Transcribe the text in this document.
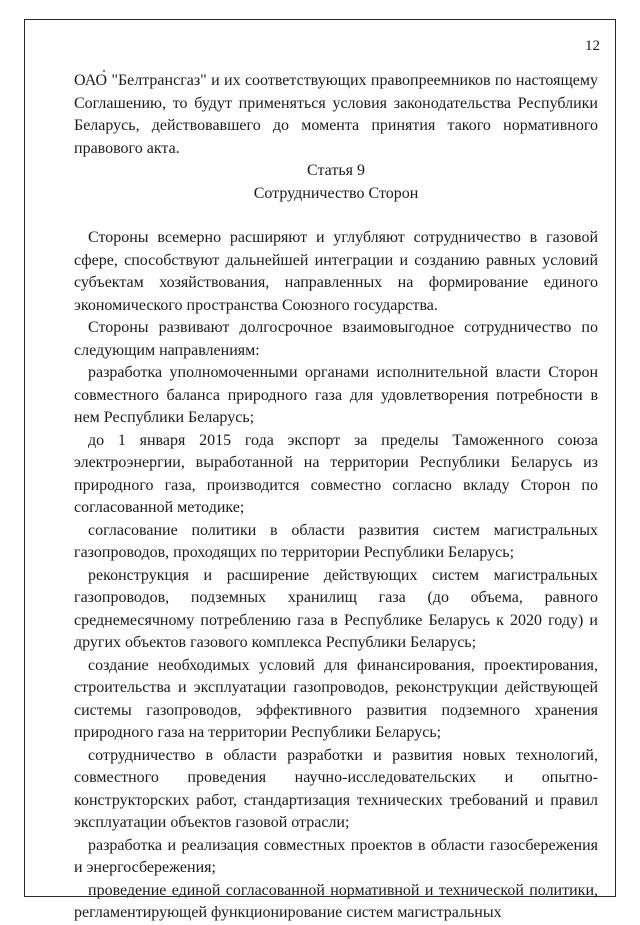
12

ОАО "Белтрансгаз" и их соответствующих правопреемников по настоящему Соглашению, то будут применяться условия законодательства Республики Беларусь, действовавшего до момента принятия такого нормативного правового акта.

Статья 9

Сотрудничество Сторон

Стороны всемерно расширяют и углубляют сотрудничество в газовой сфере, способствуют дальнейшей интеграции и созданию равных условий субъектам хозяйствования, направленных на формирование единого экономического пространства Союзного государства.

Стороны развивают долгосрочное взаимовыгодное сотрудничество по следующим направлениям:

разработка уполномоченными органами исполнительной власти Сторон совместного баланса природного газа для удовлетворения потребности в нем Республики Беларусь;

до 1 января 2015 года экспорт за пределы Таможенного союза электроэнергии, выработанной на территории Республики Беларусь из природного газа, производится совместно согласно вкладу Сторон по согласованной методике;

согласование политики в области развития систем магистральных газопроводов, проходящих по территории Республики Беларусь;

реконструкция и расширение действующих систем магистральных газопроводов, подземных хранилищ газа (до объема, равного среднемесячному потреблению газа в Республике Беларусь к 2020 году) и других объектов газового комплекса Республики Беларусь;

создание необходимых условий для финансирования, проектирования, строительства и эксплуатации газопроводов, реконструкции действующей системы газопроводов, эффективного развития подземного хранения природного газа на территории Республики Беларусь;

сотрудничество в области разработки и развития новых технологий, совместного проведения научно-исследовательских и опытно-конструкторских работ, стандартизация технических требований и правил эксплуатации объектов газовой отрасли;

разработка и реализация совместных проектов в области газосбережения и энергосбережения;

проведение единой согласованной нормативной и технической политики, регламентирующей функционирование систем магистральных
